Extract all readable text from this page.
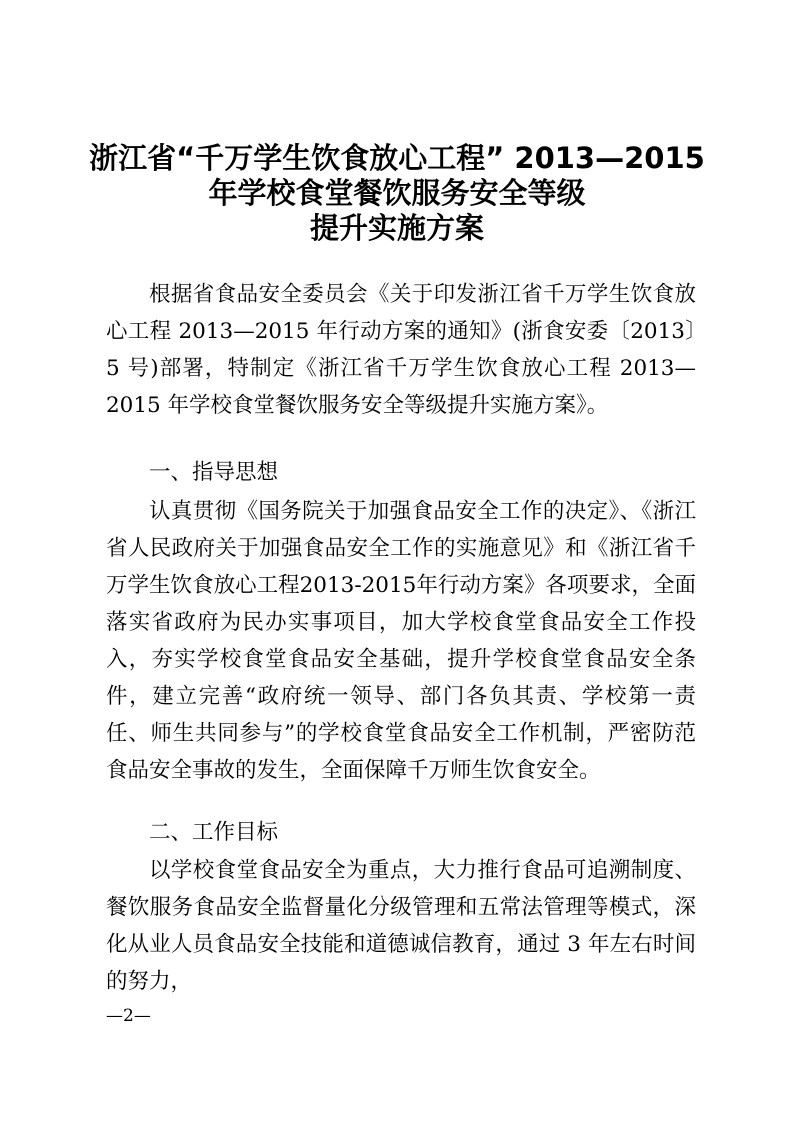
浙江省“千万学生饮食放心工程” 2013—2015
年学校食堂餐饮服务安全等级
提升实施方案

根据省食品安全委员会《关于印发浙江省千万学生饮食放心工程 2013—2015 年行动方案的通知》(浙食安委〔2013〕5 号)部署，特制定《浙江省千万学生饮食放心工程 2013—2015 年学校食堂餐饮服务安全等级提升实施方案》。

一、指导思想

认真贯彻《国务院关于加强食品安全工作的决定》、《浙江省人民政府关于加强食品安全工作的实施意见》和《浙江省千万学生饮食放心工程2013-2015年行动方案》各项要求，全面落实省政府为民办实事项目，加大学校食堂食品安全工作投入，夯实学校食堂食品安全基础，提升学校食堂食品安全条件，建立完善“政府统一领导、部门各负其责、学校第一责任、师生共同参与”的学校食堂食品安全工作机制，严密防范食品安全事故的发生，全面保障千万师生饮食安全。

二、工作目标

以学校食堂食品安全为重点，大力推行食品可追溯制度、餐饮服务食品安全监督量化分级管理和五常法管理等模式，深化从业人员食品安全技能和道德诚信教育，通过 3 年左右时间的努力，

—2—
